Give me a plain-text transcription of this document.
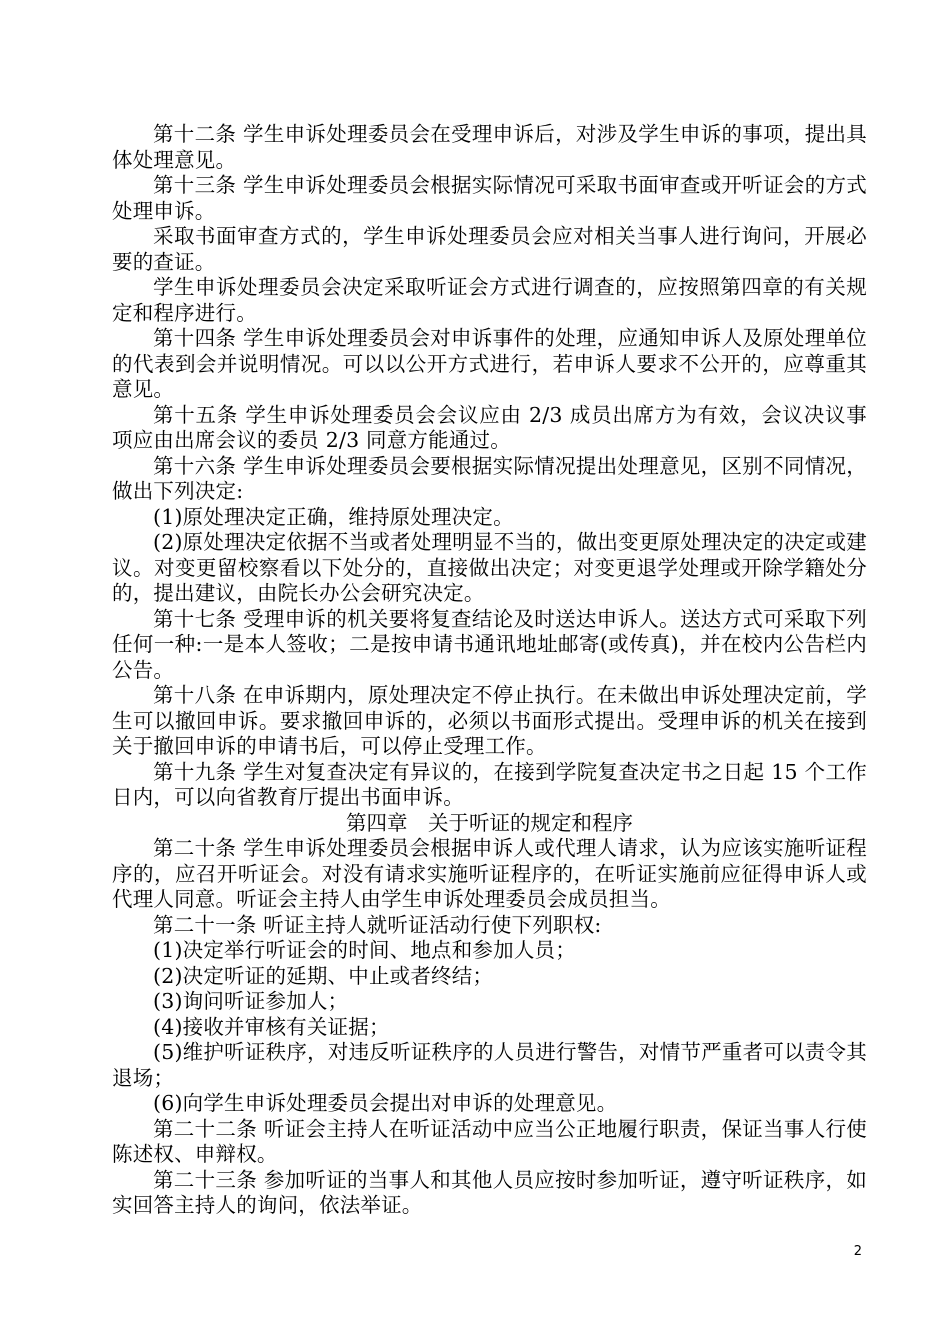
第十二条 学生申诉处理委员会在受理申诉后，对涉及学生申诉的事项，提出具体处理意见。

第十三条 学生申诉处理委员会根据实际情况可采取书面审查或开听证会的方式处理申诉。

采取书面审查方式的，学生申诉处理委员会应对相关当事人进行询问，开展必要的查证。

学生申诉处理委员会决定采取听证会方式进行调查的，应按照第四章的有关规定和程序进行。

第十四条 学生申诉处理委员会对申诉事件的处理，应通知申诉人及原处理单位的代表到会并说明情况。可以以公开方式进行，若申诉人要求不公开的，应尊重其意见。

第十五条 学生申诉处理委员会会议应由 2/3 成员出席方为有效，会议决议事项应由出席会议的委员 2/3 同意方能通过。

第十六条 学生申诉处理委员会要根据实际情况提出处理意见，区别不同情况，做出下列决定:

(1)原处理决定正确，维持原处理决定。

(2)原处理决定依据不当或者处理明显不当的，做出变更原处理决定的决定或建议。对变更留校察看以下处分的，直接做出决定；对变更退学处理或开除学籍处分的，提出建议，由院长办公会研究决定。

第十七条 受理申诉的机关要将复查结论及时送达申诉人。送达方式可采取下列任何一种:一是本人签收；二是按申请书通讯地址邮寄(或传真)，并在校内公告栏内公告。

第十八条 在申诉期内，原处理决定不停止执行。在未做出申诉处理决定前，学生可以撤回申诉。要求撤回申诉的，必须以书面形式提出。受理申诉的机关在接到关于撤回申诉的申请书后，可以停止受理工作。

第十九条 学生对复查决定有异议的，在接到学院复查决定书之日起 15 个工作日内，可以向省教育厅提出书面申诉。

第四章　关于听证的规定和程序

第二十条 学生申诉处理委员会根据申诉人或代理人请求，认为应该实施听证程序的，应召开听证会。对没有请求实施听证程序的，在听证实施前应征得申诉人或代理人同意。听证会主持人由学生申诉处理委员会成员担当。

第二十一条 听证主持人就听证活动行使下列职权:

(1)决定举行听证会的时间、地点和参加人员；

(2)决定听证的延期、中止或者终结；

(3)询问听证参加人；

(4)接收并审核有关证据；

(5)维护听证秩序，对违反听证秩序的人员进行警告，对情节严重者可以责令其退场；

(6)向学生申诉处理委员会提出对申诉的处理意见。

第二十二条 听证会主持人在听证活动中应当公正地履行职责，保证当事人行使陈述权、申辩权。

第二十三条 参加听证的当事人和其他人员应按时参加听证，遵守听证秩序，如实回答主持人的询问，依法举证。

2
